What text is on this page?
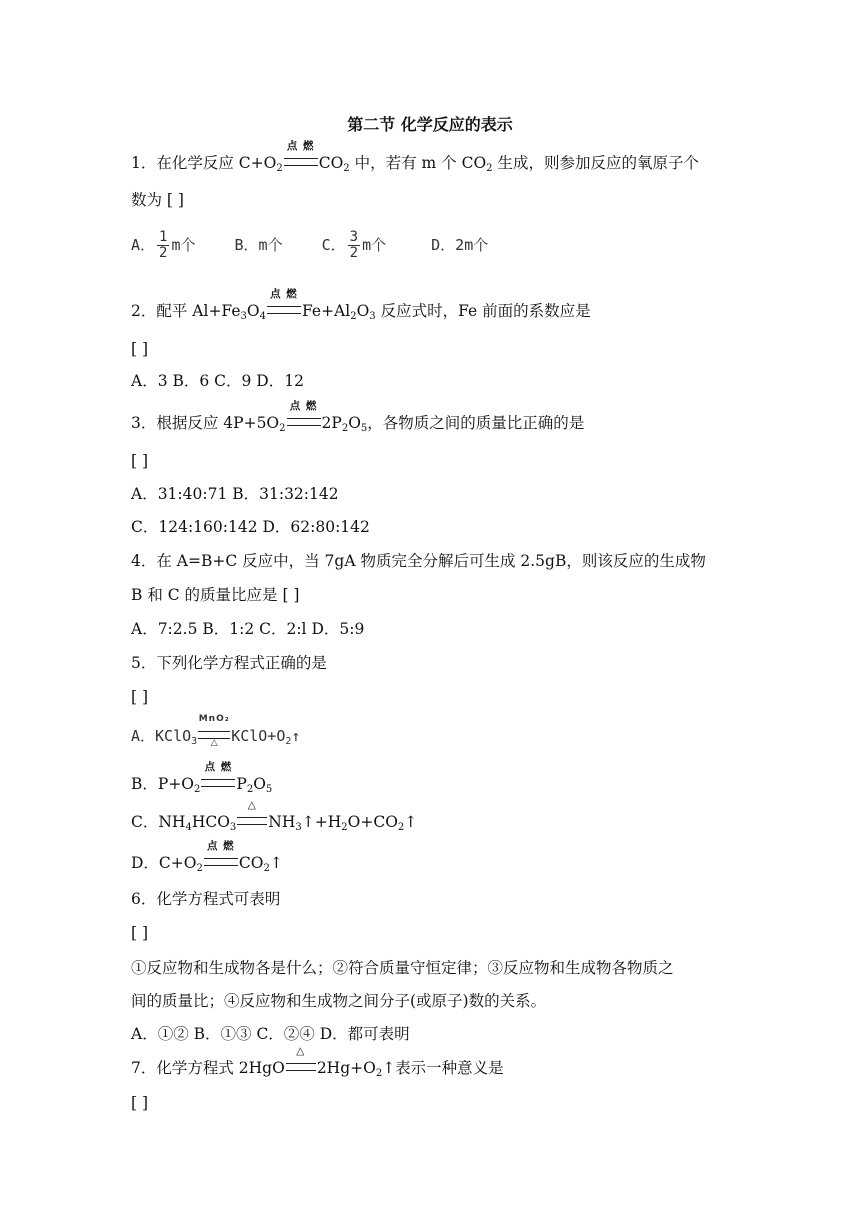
第二节 化学反应的表示
1．在化学反应 $C+O_2$
点 燃
$CO_2$ 中，若有 m 个 $CO_2$ 生成，则参加反应的氧原子个
数为 [ ]
A． $\frac{1}{2}$ m个	B．m个	C． $\frac{3}{2}$ m个	D．2m个
2．配平 $Al+Fe_3O_4$
点 燃
$Fe+Al_2O_3$ 反应式时，Fe 前面的系数应是
[ ]
A．3 B．6 C．9 D．12
3．根据反应 $4P+5O_2$
点 燃
$2P_2O_5$，各物质之间的质量比正确的是
[ ]
A．31:40:71 B．31:32:142
C．124:160:142 D．62:80:142
4．在 A=B+C 反应中，当 7gA 物质完全分解后可生成 2.5gB，则该反应的生成物
B 和 C 的质量比应是 [ ]
A．7:2.5 B．1:2 C．2:l D．5:9
5．下列化学方程式正确的是
[ ]
A．KClO$_3$
MnO₂
△ $KClO+O_2↑$
B．$P+O_2$
点 燃
$P_2O_5$
C．$NH_4HCO_3$
△
$NH_3↑+H_2O+CO_2↑$
D．$C+O_2$
点 燃
$CO_2↑$
6．化学方程式可表明
[ ]
①反应物和生成物各是什么；②符合质量守恒定律；③反应物和生成物各物质之
间的质量比；④反应物和生成物之间分子(或原子)数的关系。
A．①② B．①③ C．②④ D．都可表明
7．化学方程式 2HgO
△
$2Hg+O_2↑$表示一种意义是
[ ]
